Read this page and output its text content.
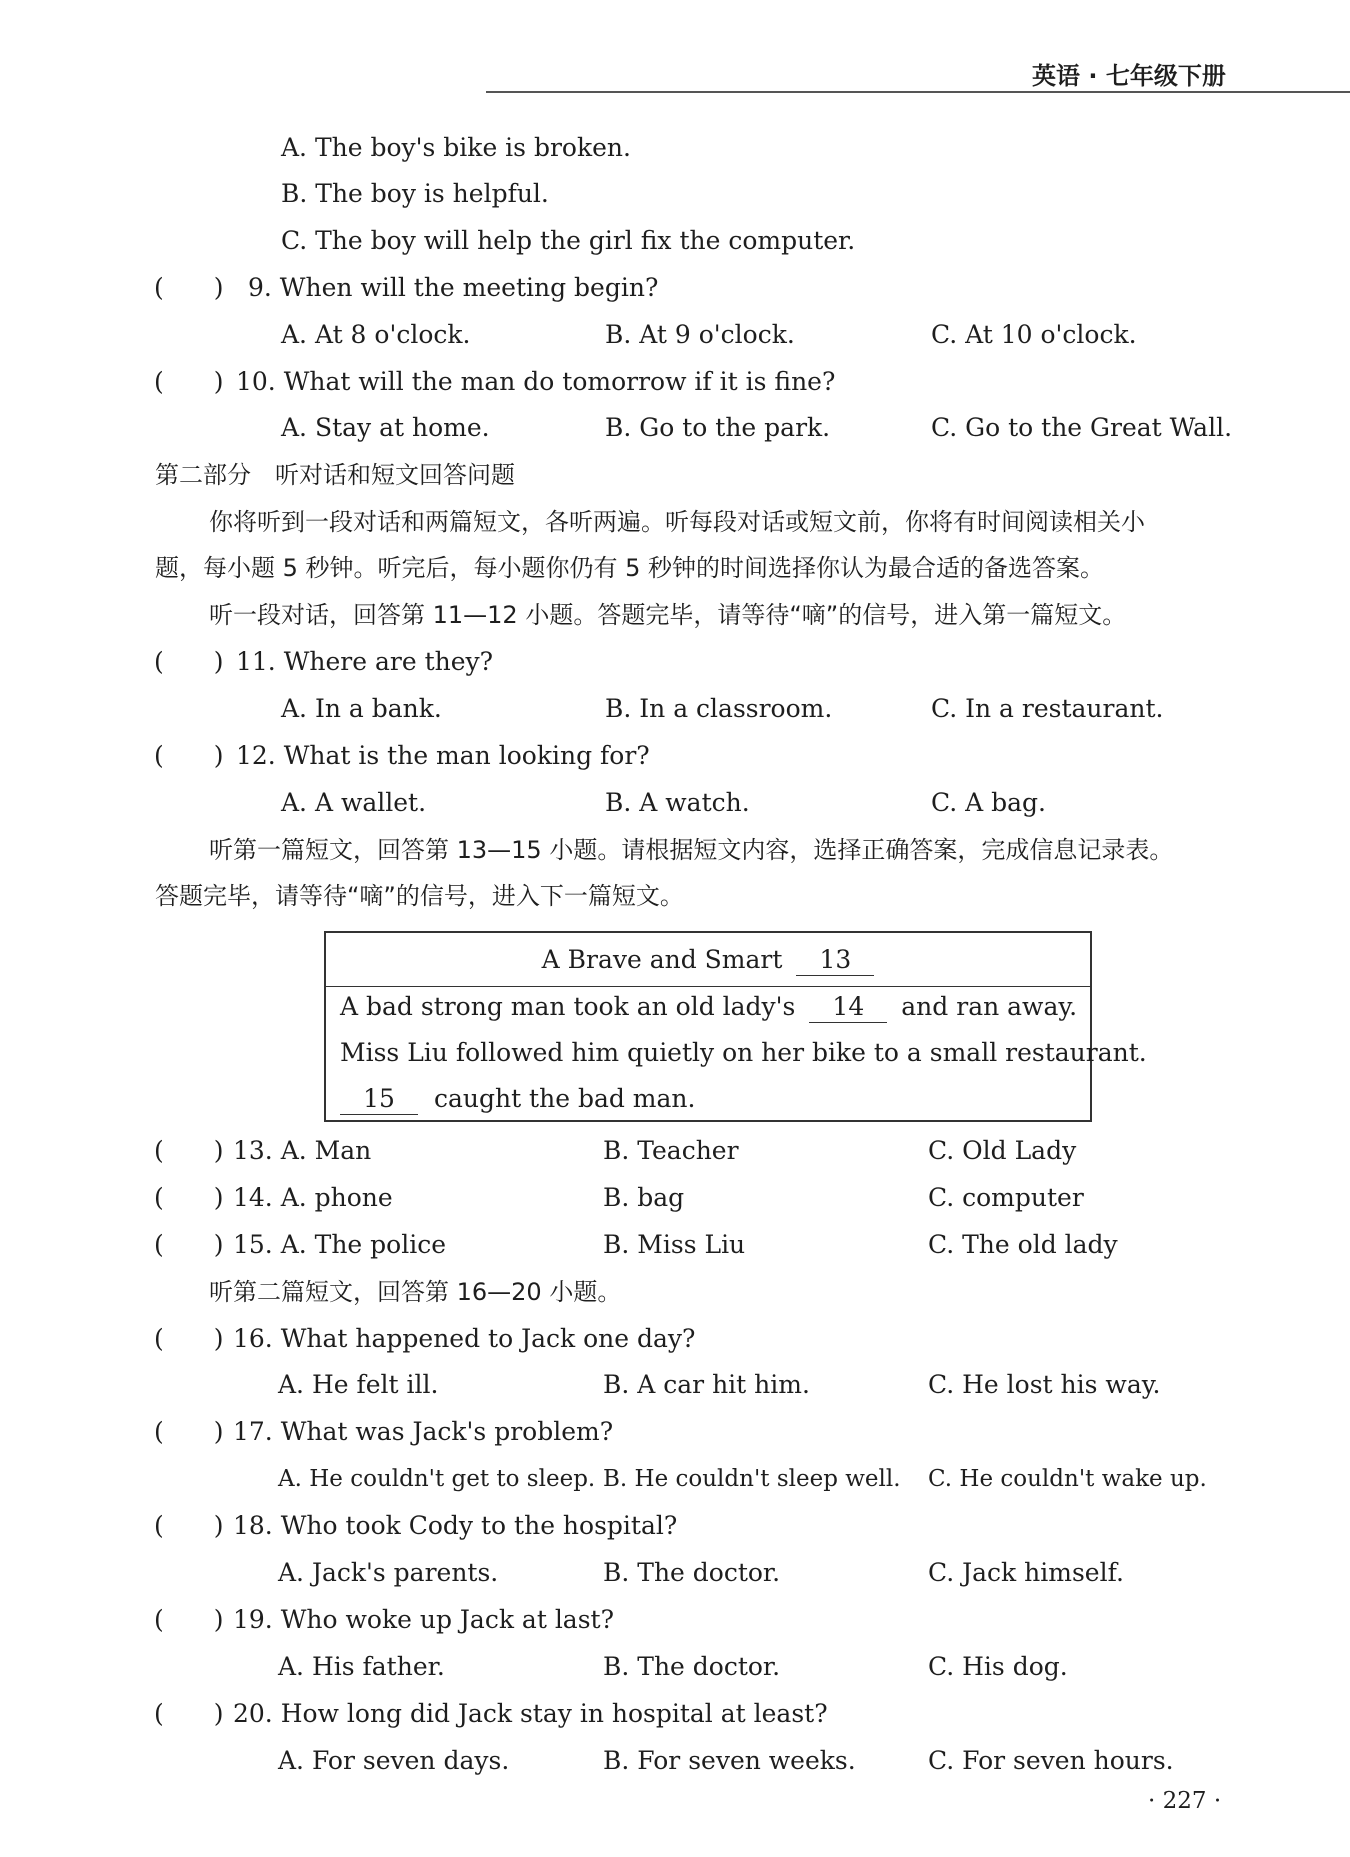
英语 · 七年级下册
A. The boy's bike is broken.
B. The boy is helpful.
C. The boy will help the girl fix the computer.
(　　) 9. When will the meeting begin?
A. At 8 o'clock.	B. At 9 o'clock.	C. At 10 o'clock.
(　　) 10. What will the man do tomorrow if it is fine?
A. Stay at home.	B. Go to the park.	C. Go to the Great Wall.
第二部分　听对话和短文回答问题
你将听到一段对话和两篇短文，各听两遍。听每段对话或短文前，你将有时间阅读相关小
题，每小题 5 秒钟。听完后，每小题你仍有 5 秒钟的时间选择你认为最合适的备选答案。
听一段对话，回答第 11—12 小题。答题完毕，请等待“嘀”的信号，进入第一篇短文。
(　　) 11. Where are they?
A. In a bank.	B. In a classroom.	C. In a restaurant.
(　　) 12. What is the man looking for?
A. A wallet.	B. A watch.	C. A bag.
听第一篇短文，回答第 13—15 小题。请根据短文内容，选择正确答案，完成信息记录表。
答题完毕，请等待“嘀”的信号，进入下一篇短文。
A Brave and Smart 13
A bad strong man took an old lady's 14 and ran away.
Miss Liu followed him quietly on her bike to a small restaurant.
15 caught the bad man.
(　　) 13. A. Man	B. Teacher	C. Old Lady
(　　) 14. A. phone	B. bag	C. computer
(　　) 15. A. The police	B. Miss Liu	C. The old lady
听第二篇短文，回答第 16—20 小题。
(　　) 16. What happened to Jack one day?
A. He felt ill.	B. A car hit him.	C. He lost his way.
(　　) 17. What was Jack's problem?
A. He couldn't get to sleep. B. He couldn't sleep well. C. He couldn't wake up.
(　　) 18. Who took Cody to the hospital?
A. Jack's parents.	B. The doctor.	C. Jack himself.
(　　) 19. Who woke up Jack at last?
A. His father.	B. The doctor.	C. His dog.
(　　) 20. How long did Jack stay in hospital at least?
A. For seven days.	B. For seven weeks.	C. For seven hours.
· 227 ·
